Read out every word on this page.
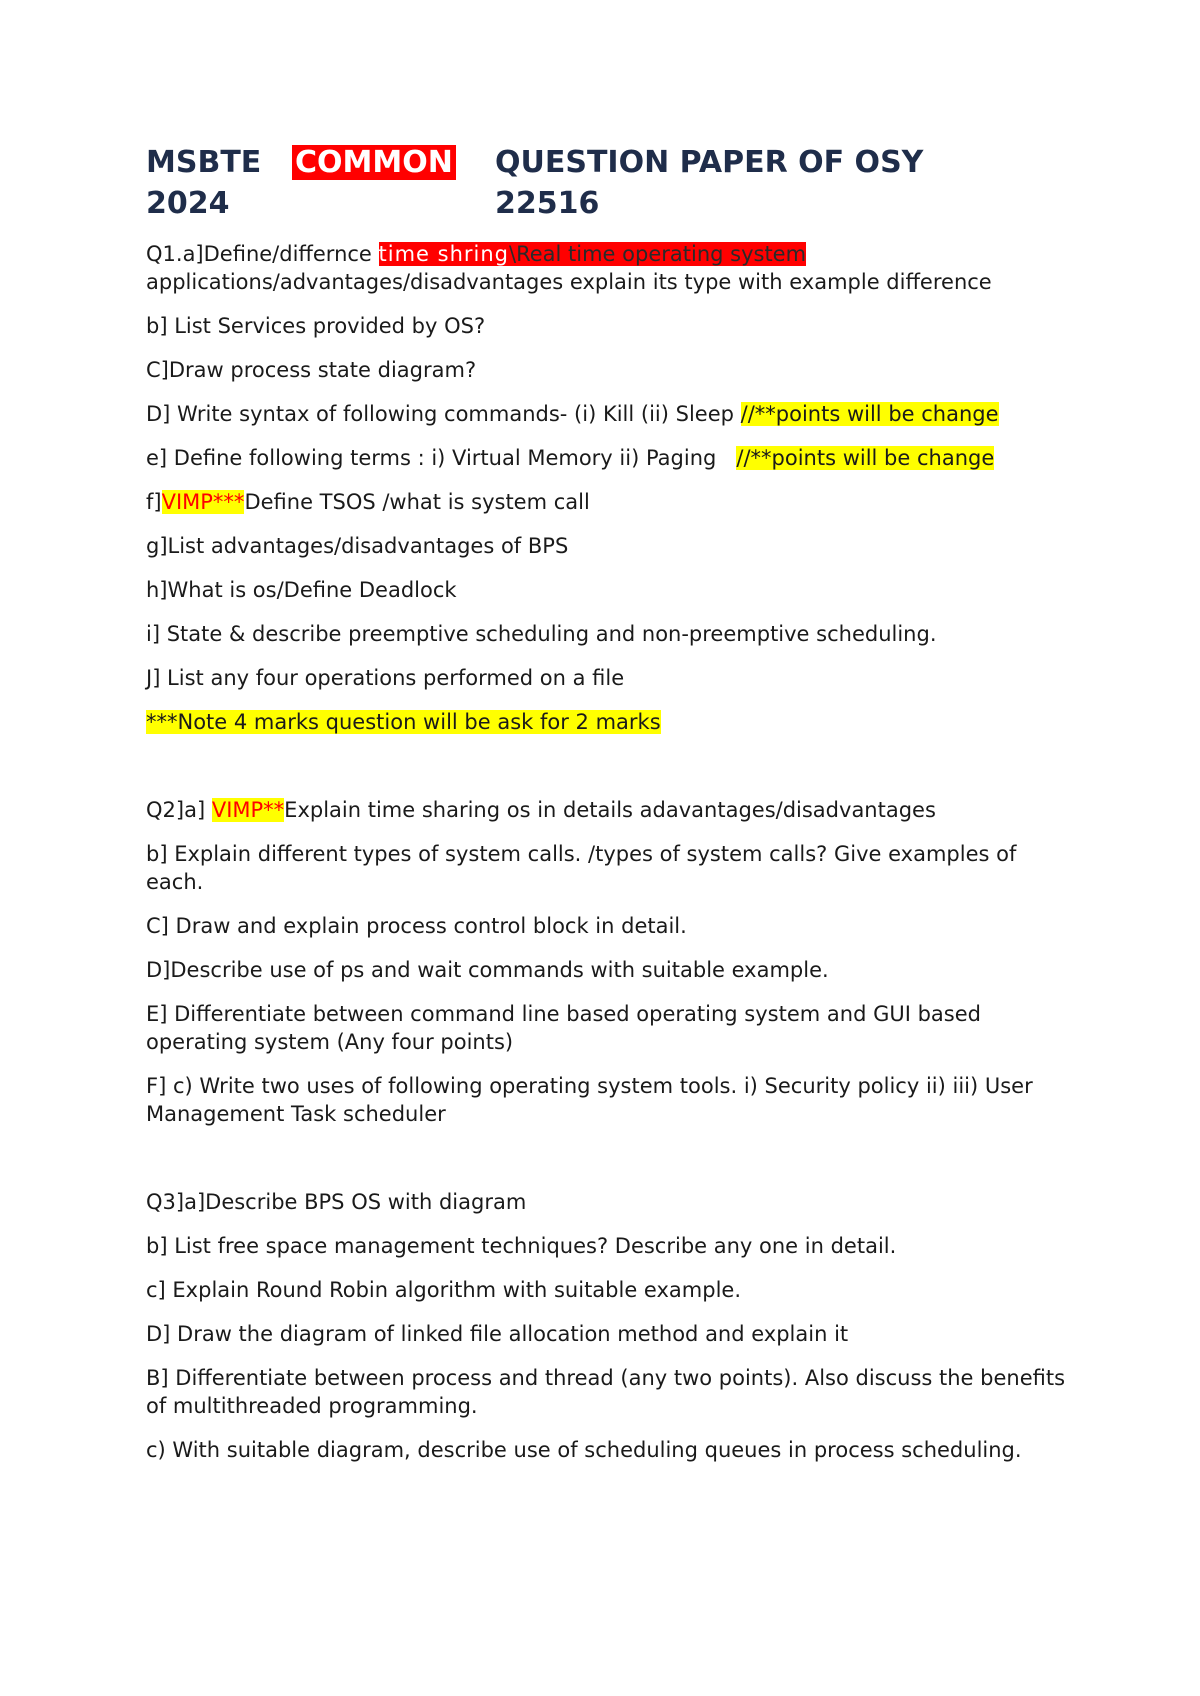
MSBTE
2024
COMMON QUESTION PAPER OF OSY
22516

Q1.a]Define/differnce time shring\Real time operating system
applications/advantages/disadvantages explain its type with example difference

b] List Services provided by OS?

C]Draw process state diagram?

D] Write syntax of following commands- (i) Kill (ii) Sleep //**points will be change

e] Define following terms : i) Virtual Memory ii) Paging   //**points will be change

f]VIMP***Define TSOS /what is system call

g]List advantages/disadvantages of BPS

h]What is os/Define Deadlock

i] State & describe preemptive scheduling and non-preemptive scheduling.

J] List any four operations performed on a file

***Note 4 marks question will be ask for 2 marks

Q2]a] VIMP**Explain time sharing os in details adavantages/disadvantages

b] Explain different types of system calls. /types of system calls? Give examples of each.

C] Draw and explain process control block in detail.

D]Describe use of ps and wait commands with suitable example.

E] Differentiate between command line based operating system and GUI based operating system (Any four points)

F] c) Write two uses of following operating system tools. i) Security policy ii) iii) User Management Task scheduler

Q3]a]Describe BPS OS with diagram

b] List free space management techniques? Describe any one in detail.

c] Explain Round Robin algorithm with suitable example.

D] Draw the diagram of linked file allocation method and explain it

B] Differentiate between process and thread (any two points). Also discuss the benefits of multithreaded programming.

c) With suitable diagram, describe use of scheduling queues in process scheduling.
